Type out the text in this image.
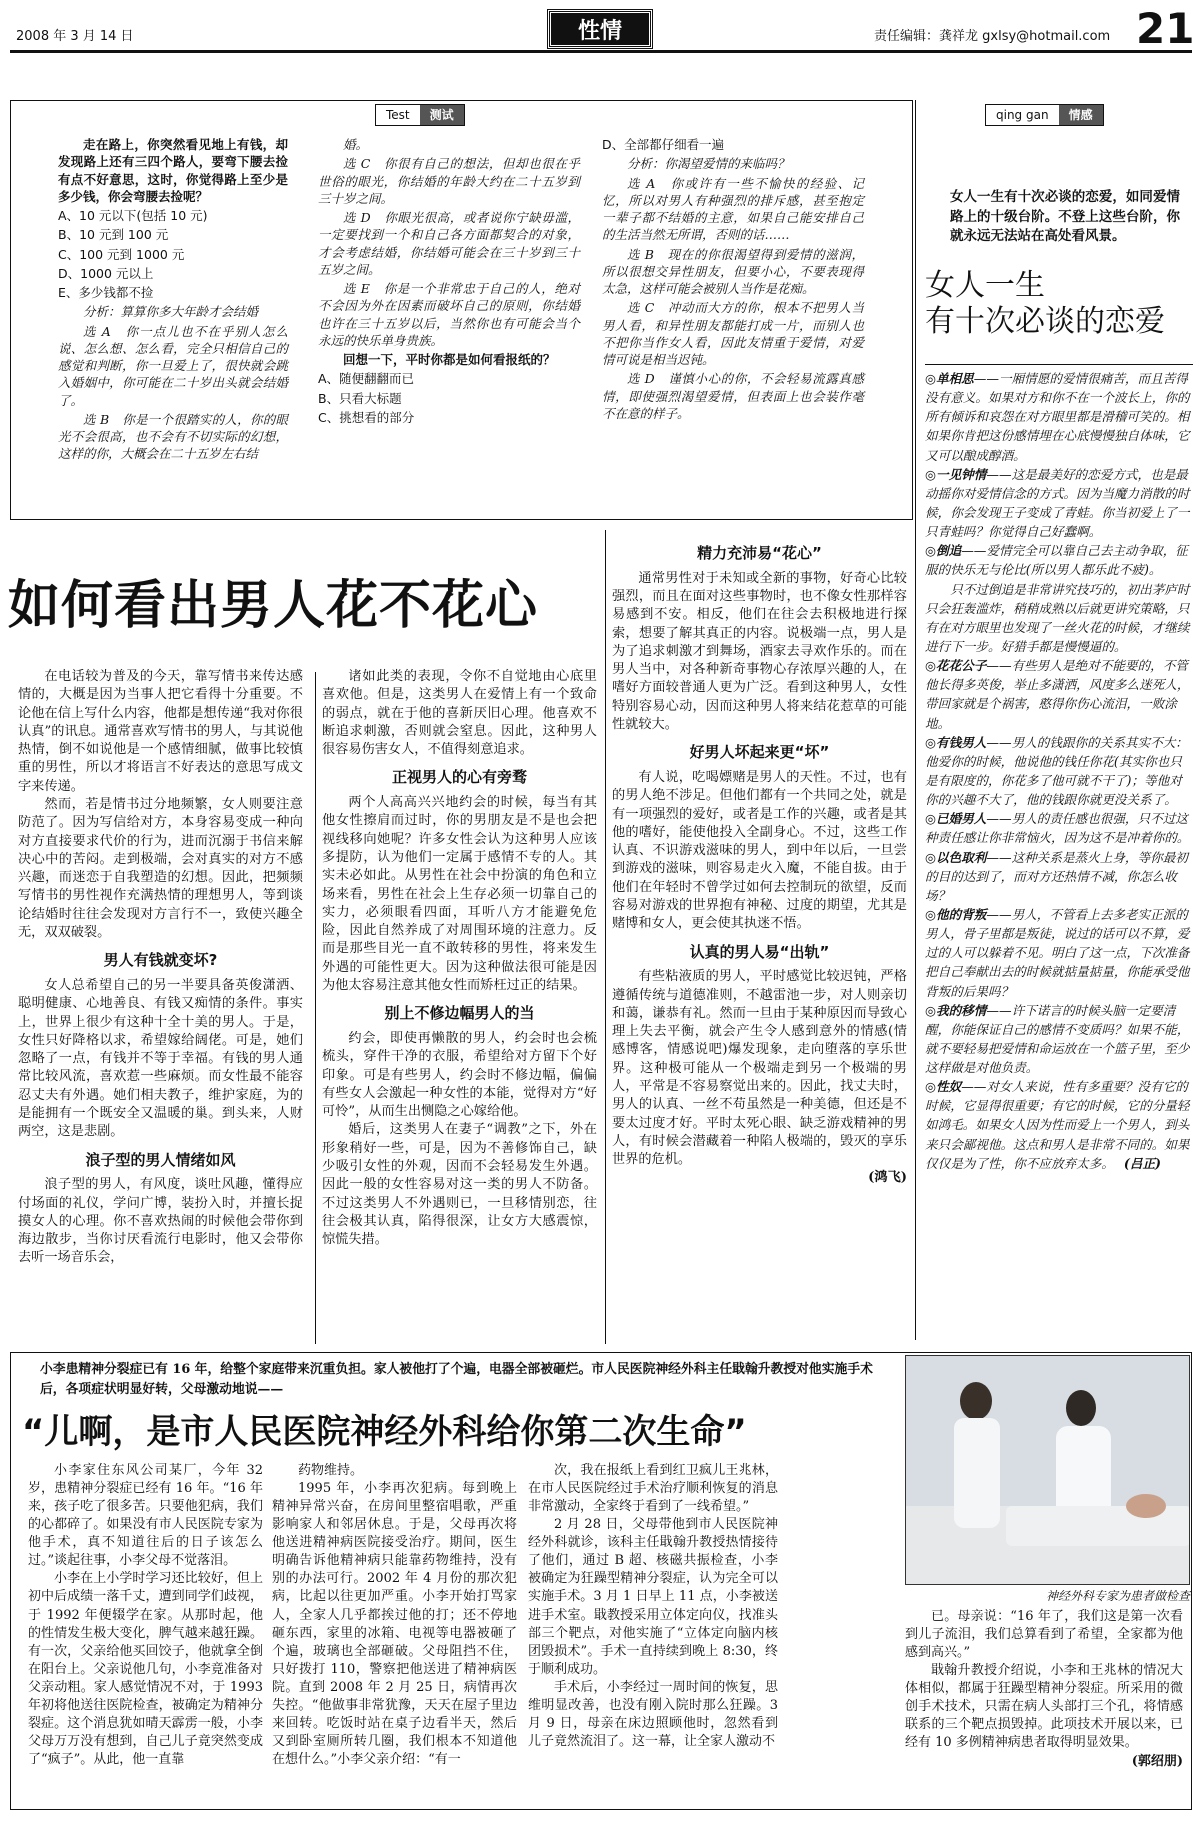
2008 年 3 月 14 日	性情	责任编辑：龚祥龙 gxlsy@hotmail.com 21
Test	测试

走在路上，你突然看见地上有钱，却发现路上还有三四个路人，要弯下腰去捡有点不好意思，这时，你觉得路上至少是多少钱，你会弯腰去捡呢？

A、10 元以下(包括 10 元)

B、10 元到 100 元

C、100 元到 1000 元

D、1000 元以上

E、多少钱都不捡

分析：算算你多大年龄才会结婚

选 A　你一点儿也不在乎别人怎么说、怎么想、怎么看，完全只相信自己的感觉和判断，你一旦爱上了，很快就会跳入婚姻中，你可能在二十岁出头就会结婚了。

选 B　你是一个很踏实的人，你的眼光不会很高，也不会有不切实际的幻想，这样的你，大概会在二十五岁左右结

婚。

选 C　你很有自己的想法，但却也很在乎世俗的眼光，你结婚的年龄大约在二十五岁到三十岁之间。

选 D　你眼光很高，或者说你宁缺毋滥，一定要找到一个和自己各方面都契合的对象，才会考虑结婚，你结婚可能会在三十岁到三十五岁之间。

选 E　你是一个非常忠于自己的人，绝对不会因为外在因素而破坏自己的原则，你结婚也许在三十五岁以后，当然你也有可能会当个永远的快乐单身贵族。

回想一下，平时你都是如何看报纸的？

A、随便翻翻而已

B、只看大标题

C、挑想看的部分

D、全部都仔细看一遍

分析：你渴望爱情的来临吗？

选 A　你或许有一些不愉快的经验、记忆，所以对男人有种强烈的排斥感，甚至抱定一辈子都不结婚的主意，如果自己能安排自己的生活当然无所谓，否则的话……

选 B　现在的你很渴望得到爱情的滋润，所以很想交异性朋友，但要小心，不要表现得太急，这样可能会被别人当作是花痴。

选 C　冲动而大方的你，根本不把男人当男人看，和异性朋友都能打成一片，而别人也不把你当作女人看，因此友情重于爱情，对爱情可说是相当迟钝。

选 D　谨慎小心的你，不会轻易流露真感情，即使强烈渴望爱情，但表面上也会装作毫不在意的样子。

qing gan	情感
女人一生有十次必谈的恋爱，如同爱情路上的十级台阶。不登上这些台阶，你就永远无法站在高处看风景。
女人一生
有十次必谈的恋爱

◎单相思——一厢情愿的爱情很痛苦，而且苦得没有意义。如果对方和你不在一个波长上，你的所有倾诉和哀怨在对方眼里都是滑稽可笑的。相如果你肯把这份感情埋在心底慢慢独自体味，它又可以酿成醇酒。

◎一见钟情——这是最美好的恋爱方式，也是最动摇你对爱情信念的方式。因为当魔力消散的时候，你会发现王子变成了青蛙。你当初爱上了一只青蛙吗？你觉得自己好蠢啊。

◎倒追——爱情完全可以靠自己去主动争取，征服的快乐无与伦比(所以男人都乐此不疲)。

只不过倒追是非常讲究技巧的，初出茅庐时只会狂轰滥炸，稍稍成熟以后就更讲究策略，只有在对方眼里也发现了一丝火花的时候，才继续进行下一步。好猎手都是慢慢逼的。

◎花花公子——有些男人是绝对不能要的，不管他长得多英俊，举止多潇洒，风度多么迷死人，带回家就是个祸害，憨得你伤心流泪，一败涂地。

◎有钱男人——男人的钱跟你的关系其实不大：他爱你的时候，他说他的钱任你花(其实你也只是有限度的，你花多了他可就不干了)；等他对你的兴趣不大了，他的钱跟你就更没关系了。

◎已婚男人——男人的责任感也很强，只不过这种责任感让你非常恼火，因为这不是冲着你的。

◎以色取利——这种关系是蒸火上身，等你最初的目的达到了，而对方还热情不减，你怎么收场？

◎他的背叛——男人，不管看上去多老实正派的男人，骨子里都是叛徒，说过的话可以不算，爱过的人可以躲着不见。明白了这一点，下次准备把自己奉献出去的时候就掂量掂量，你能承受他背叛的后果吗？

◎我的移情——许下诺言的时候头脑一定要清醒，你能保证自己的感情不变质吗？如果不能，就不要轻易把爱情和命运放在一个篮子里，至少这样做是对他负责。

◎性奴——对女人来说，性有多重要？没有它的时候，它显得很重要；有它的时候，它的分量轻如鸿毛。如果女人因为性而爱上一个男人，到头来只会鄙视他。这点和男人是非常不同的。如果仅仅是为了性，你不应放弃太多。 (吕正)

如何看出男人花不花心

在电话较为普及的今天，靠写情书来传达感情的，大概是因为当事人把它看得十分重要。不论他在信上写什么内容，他都是想传递“我对你很认真”的讯息。通常喜欢写情书的男人，与其说他热情，倒不如说他是一个感情细腻，做事比较慎重的男性，所以才将语言不好表达的意思写成文字来传递。

然而，若是情书过分地频繁，女人则要注意防范了。因为写信给对方，本身容易变成一种向对方直接要求代价的行为，进而沉溺于书信来解决心中的苦闷。走到极端，会对真实的对方不感兴趣，而迷恋于自我塑造的幻想。因此，把频频写情书的男性视作充满热情的理想男人，等到谈论结婚时往往会发现对方言行不一，致使兴趣全无，双双破裂。

男人有钱就变坏?

女人总希望自己的另一半要具备英俊潇洒、聪明健康、心地善良、有钱又痴情的条件。事实上，世界上很少有这种十全十美的男人。于是，女性只好降格以求，希望嫁给阔佬。可是，她们忽略了一点，有钱并不等于幸福。有钱的男人通常比较风流，喜欢惹一些麻烦。而女性最不能容忍丈夫有外遇。她们相夫教子，维护家庭，为的是能拥有一个既安全又温暖的巢。到头来，人财两空，这是悲剧。

浪子型的男人情绪如风

浪子型的男人，有风度，谈吐风趣，懂得应付场面的礼仪，学问广博，装扮入时，并擅长捉摸女人的心理。你不喜欢热闹的时候他会带你到海边散步，当你讨厌看流行电影时，他又会带你去听一场音乐会，

诸如此类的表现，令你不自觉地由心底里喜欢他。但是，这类男人在爱情上有一个致命的弱点，就在于他的喜新厌旧心理。他喜欢不断追求刺激，否则就会窒息。因此，这种男人很容易伤害女人，不值得刻意追求。

正视男人的心有旁骛

两个人高高兴兴地约会的时候，每当有其他女性擦肩而过时，你的男朋友是不是也会把视线移向她呢？许多女性会认为这种男人应该多提防，认为他们一定属于感情不专的人。其实未必如此。从男性在社会中扮演的角色和立场来看，男性在社会上生存必须一切靠自己的实力，必须眼看四面，耳听八方才能避免危险，因此自然养成了对周围环境的注意力。反而是那些目光一直不敢转移的男性，将来发生外遇的可能性更大。因为这种做法很可能是因为他太容易注意其他女性而矫枉过正的结果。

别上不修边幅男人的当

约会，即使再懒散的男人，约会时也会梳梳头，穿件干净的衣服，希望给对方留下个好印象。可是有些男人，约会时不修边幅，偏偏有些女人会激起一种女性的本能，觉得对方“好可怜”，从而生出恻隐之心嫁给他。

婚后，这类男人在妻子“调教”之下，外在形象稍好一些，可是，因为不善修饰自己，缺少吸引女性的外观，因而不会轻易发生外遇。因此一般的女性容易对这一类的男人不防备。不过这类男人不外遇则已，一旦移情别恋，往往会极其认真，陷得很深，让女方大感震惊，惊慌失措。

精力充沛易“花心”

通常男性对于未知或全新的事物，好奇心比较强烈，而且在面对这些事物时，也不像女性那样容易感到不安。相反，他们在往会去积极地进行探索，想要了解其真正的内容。说极端一点，男人是为了追求刺激才到舞场，酒家去寻欢作乐的。而在男人当中，对各种新奇事物心存浓厚兴趣的人，在嗜好方面较普通人更为广泛。看到这种男人，女性特别容易心动，因而这种男人将来结花惹草的可能性就较大。

好男人坏起来更“坏”

有人说，吃喝嫖赌是男人的天性。不过，也有的男人绝不涉足。但他们都有一个共同之处，就是有一项强烈的爱好，或者是工作的兴趣，或者是其他的嗜好，能使他投入全副身心。不过，这些工作认真、不识游戏滋味的男人，到中年以后，一旦尝到游戏的滋味，则容易走火入魔，不能自拔。由于他们在年轻时不曾学过如何去控制玩的欲望，反而容易对游戏的世界抱有神秘、过度的期望，尤其是赌博和女人，更会使其执迷不悟。

认真的男人易“出轨”

有些粘液质的男人，平时感觉比较迟钝，严格遵循传统与道德准则，不越雷池一步，对人则亲切和蔼，谦恭有礼。然而一旦由于某种原因而导致心理上失去平衡，就会产生令人感到意外的情感(情感博客，情感说吧)爆发现象，走向堕落的享乐世界。这种极可能从一个极端走到另一个极端的男人，平常是不容易察觉出来的。因此，找丈夫时，男人的认真、一丝不苟虽然是一种美德，但还是不要太过度才好。平时太死心眼、缺乏游戏精神的男人，有时候会潜藏着一种陷人极端的，毁灭的享乐世界的危机。

(鸿飞)
小李患精神分裂症已有 16 年，给整个家庭带来沉重负担。家人被他打了个遍，电器全部被砸烂。市人民医院神经外科主任戢翰升教授对他实施手术后，各项症状明显好转，父母激动地说——
“儿啊，是市人民医院神经外科给你第二次生命”
神经外科专家为患者做检查

小李家住东风公司某厂，今年 32 岁，患精神分裂症已经有 16 年。“16 年来，孩子吃了很多苦。只要他犯病，我们的心都碎了。如果没有市人民医院专家为他手术，真不知道往后的日子该怎么过。”谈起往事，小李父母不觉落泪。

小李在上小学时学习还比较好，但上初中后成绩一落千丈，遭到同学们歧视，于 1992 年便辍学在家。从那时起，他的性情发生极大变化，脾气越来越狂躁。有一次，父亲给他买回饺子，他就拿全倒在阳台上。父亲说他几句，小李竟准备对父亲动粗。家人感觉情况不对，于 1993 年初将他送往医院检查，被确定为精神分裂症。这个消息犹如晴天霹雳一般，小李父母万万没有想到，自己儿子竟突然变成了“疯子”。从此，他一直靠

药物维持。

1995 年，小李再次犯病。每到晚上精神异常兴奋，在房间里整宿唱歌，严重影响家人和邻居休息。于是，父母再次将他送进精神病医院接受治疗。期间，医生明确告诉他精神病只能靠药物维持，没有别的办法可行。2002 年 4 月份的那次犯病，比起以往更加严重。小李开始打骂家人，全家人几乎都挨过他的打；还不停地砸东西，家里的冰箱、电视等电器被砸了个遍，玻璃也全部砸破。父母阻挡不住，只好拨打 110，警察把他送进了精神病医院。直到 2008 年 2 月 25 日，病情再次失控。“他做事非常犹豫，天天在屋子里边来回转。吃饭时站在桌子边看半天，然后又到卧室厕所转几圈，我们根本不知道他在想什么。”小李父亲介绍：“有一

次，我在报纸上看到红卫疯儿王兆林，在市人民医院经过手术治疗顺利恢复的消息非常激动，全家终于看到了一线希望。”

2 月 28 日，父母带他到市人民医院神经外科就诊，该科主任戢翰升教授热情接待了他们，通过 B 超、核磁共振检查，小李被确定为狂躁型精神分裂症，认为完全可以实施手术。3 月 1 日早上 11 点，小李被送进手术室。戢教授采用立体定向仪，找准头部三个靶点，对他实施了“立体定向脑内核团毁损术”。手术一直持续到晚上 8:30，终于顺利成功。

手术后，小李经过一周时间的恢复，思维明显改善，也没有刚入院时那么狂躁。3 月 9 日，母亲在床边照顾他时，忽然看到儿子竟然流泪了。这一幕，让全家人激动不

已。母亲说：“16 年了，我们这是第一次看到儿子流泪，我们总算看到了希望，全家都为他感到高兴。”

戢翰升教授介绍说，小李和王兆林的情况大体相似，都属于狂躁型精神分裂症。所采用的微创手术技术，只需在病人头部打三个孔，将情感联系的三个靶点损毁掉。此项技术开展以来，已经有 10 多例精神病患者取得明显效果。

(郭绍朋)
